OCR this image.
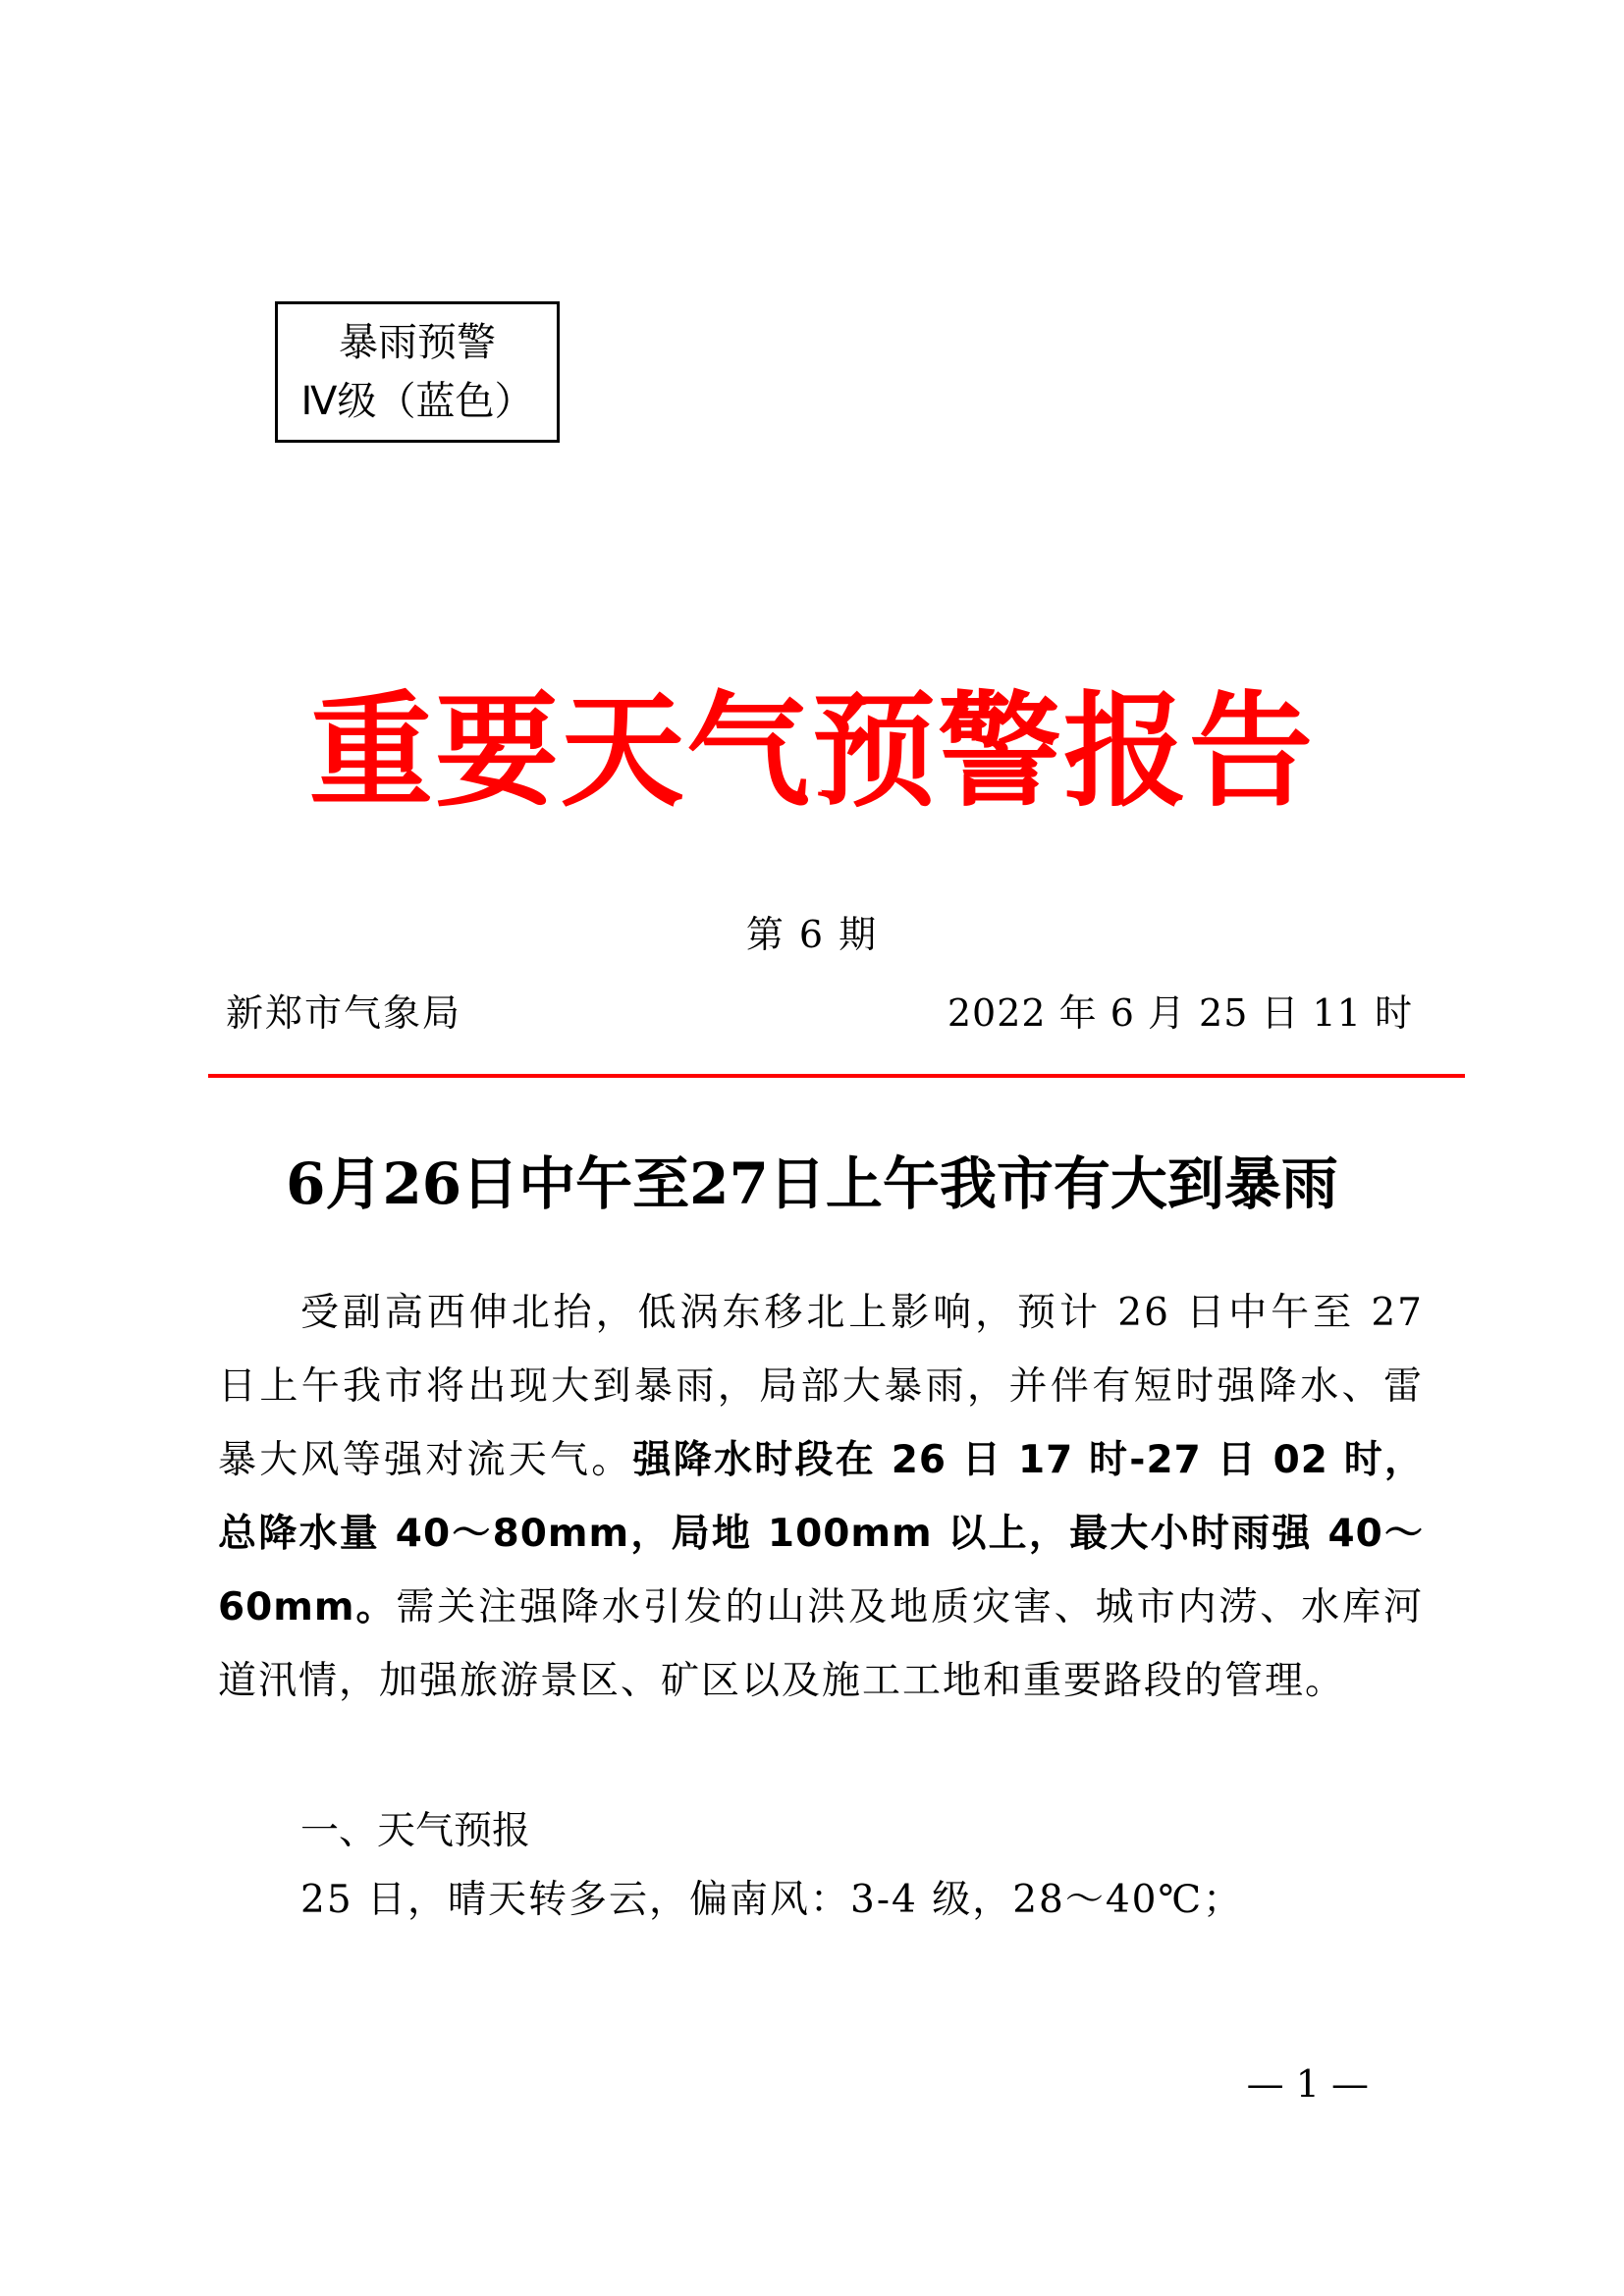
暴雨预警
Ⅳ级（蓝色）
重要天气预警报告
第 6 期
新郑市气象局	2022 年 6 月 25 日 11 时
6月26日中午至27日上午我市有大到暴雨

受副高西伸北抬，低涡东移北上影响，预计 26 日中午至 27 日上午我市将出现大到暴雨，局部大暴雨，并伴有短时强降水、雷暴大风等强对流天气。强降水时段在 26 日 17 时-27 日 02 时，总降水量 40～80mm，局地 100mm 以上，最大小时雨强 40～60mm。需关注强降水引发的山洪及地质灾害、城市内涝、水库河道汛情，加强旅游景区、矿区以及施工工地和重要路段的管理。

一、天气预报
25 日，晴天转多云，偏南风：3-4 级，28～40℃；
— 1 —
